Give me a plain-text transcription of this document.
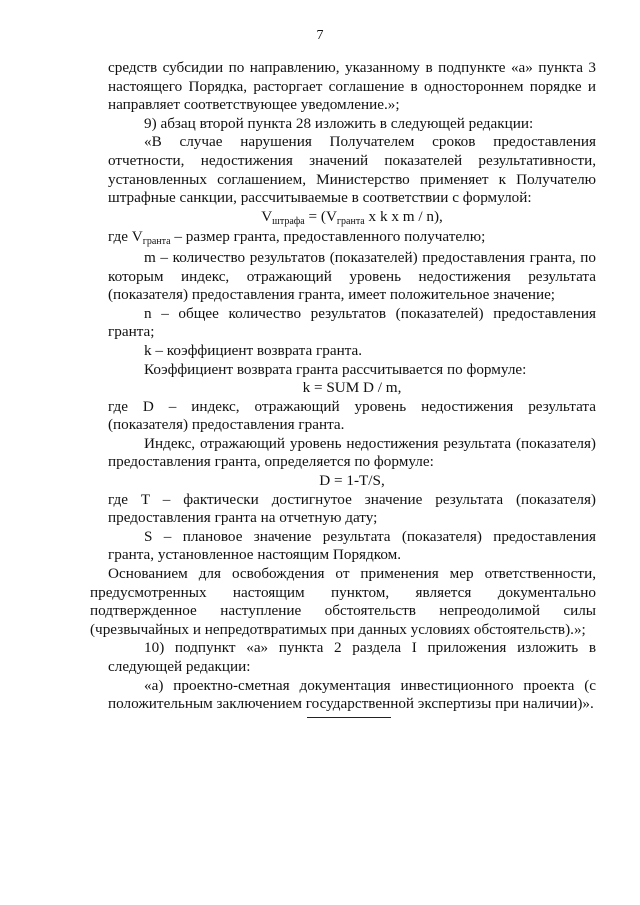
7

средств субсидии по направлению, указанному в подпункте «а» пункта 3 настоящего Порядка, расторгает соглашение в одностороннем порядке и направляет соответствующее уведомление.»;

9) абзац второй пункта 28 изложить в следующей редакции:

«В случае нарушения Получателем сроков предоставления отчетности, недостижения значений показателей результативности, установленных соглашением, Министерство применяет к Получателю штрафные санкции, рассчитываемые в соответствии с формулой:

Vштрафа = (Vгранта x k x m / n),

где Vгранта – размер гранта, предоставленного получателю;

m – количество результатов (показателей) предоставления гранта, по которым индекс, отражающий уровень недостижения результата (показателя) предоставления гранта, имеет положительное значение;

n – общее количество результатов (показателей) предоставления гранта;

k – коэффициент возврата гранта.

Коэффициент возврата гранта рассчитывается по формуле:

k = SUM D / m,

где D – индекс, отражающий уровень недостижения результата (показателя) предоставления гранта.

Индекс, отражающий уровень недостижения результата (показателя) предоставления гранта, определяется по формуле:

D = 1-T/S,

где T – фактически достигнутое значение результата (показателя) предоставления гранта на отчетную дату;

S – плановое значение результата (показателя) предоставления гранта, установленное настоящим Порядком.

Основанием для освобождения от применения мер ответственности, предусмотренных настоящим пунктом, является документально подтвержденное наступление обстоятельств непреодолимой силы (чрезвычайных и непредотвратимых при данных условиях обстоятельств).»;

10) подпункт «а» пункта 2 раздела I приложения изложить в следующей редакции:

«а) проектно-сметная документация инвестиционного проекта (с положительным заключением государственной экспертизы при наличии)».
